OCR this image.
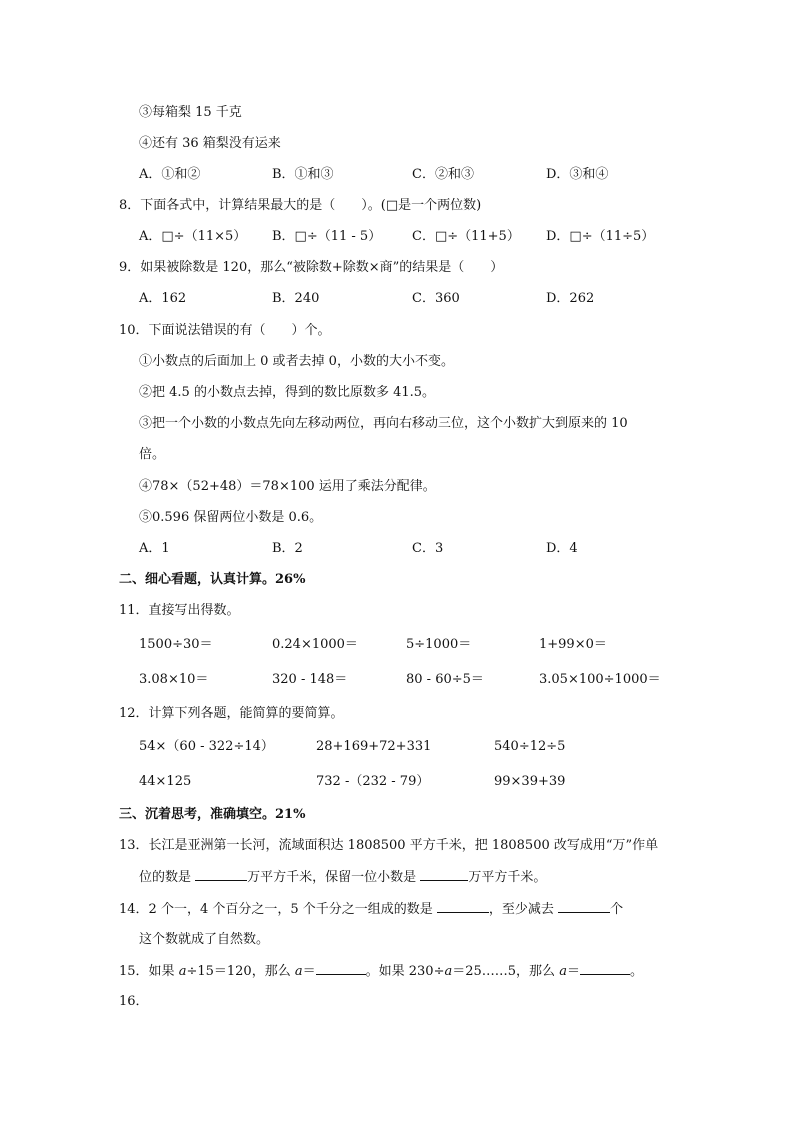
③每箱梨 15 千克
④还有 36 箱梨没有运来
A．①和②	B．①和③	C．②和③	D．③和④
8．下面各式中，计算结果最大的是（　　）。(□是一个两位数)
A．□÷（11×5） B．□÷（11 - 5） C．□÷（11+5） D．□÷（11÷5）
9．如果被除数是 120，那么“被除数+除数×商”的结果是（　　）
A．162	B．240	C．360	D．262
10．下面说法错误的有（　　）个。
①小数点的后面加上 0 或者去掉 0，小数的大小不变。
②把 4.5 的小数点去掉，得到的数比原数多 41.5。
③把一个小数的小数点先向左移动两位，再向右移动三位，这个小数扩大到原来的 10
倍。
④78×（52+48）＝78×100 运用了乘法分配律。
⑤0.596 保留两位小数是 0.6。
A．1	B．2	C．3	D．4
二、细心看题，认真计算。26%
11．直接写出得数。
1500÷30＝	0.24×1000＝	5÷1000＝	1+99×0＝
3.08×10＝	320 - 148＝	80 - 60÷5＝	3.05×100÷1000＝
12．计算下列各题，能简算的要简算。
54×（60 - 322÷14）	28+169+72+331	540÷12÷5
44×125	732 -（232 - 79）	99×39+39
三、沉着思考，准确填空。21%
13．长江是亚洲第一长河，流域面积达 1808500 平方千米，把 1808500 改写成用“万”作单
位的数是	万平方千米，保留一位小数是	万平方千米。
14．2 个一，4 个百分之一，5 个千分之一组成的数是	，至少减去	个
这个数就成了自然数。
15．如果 a÷15＝120，那么 a＝	。如果 230÷a＝25……5，那么 a＝	。
16．
